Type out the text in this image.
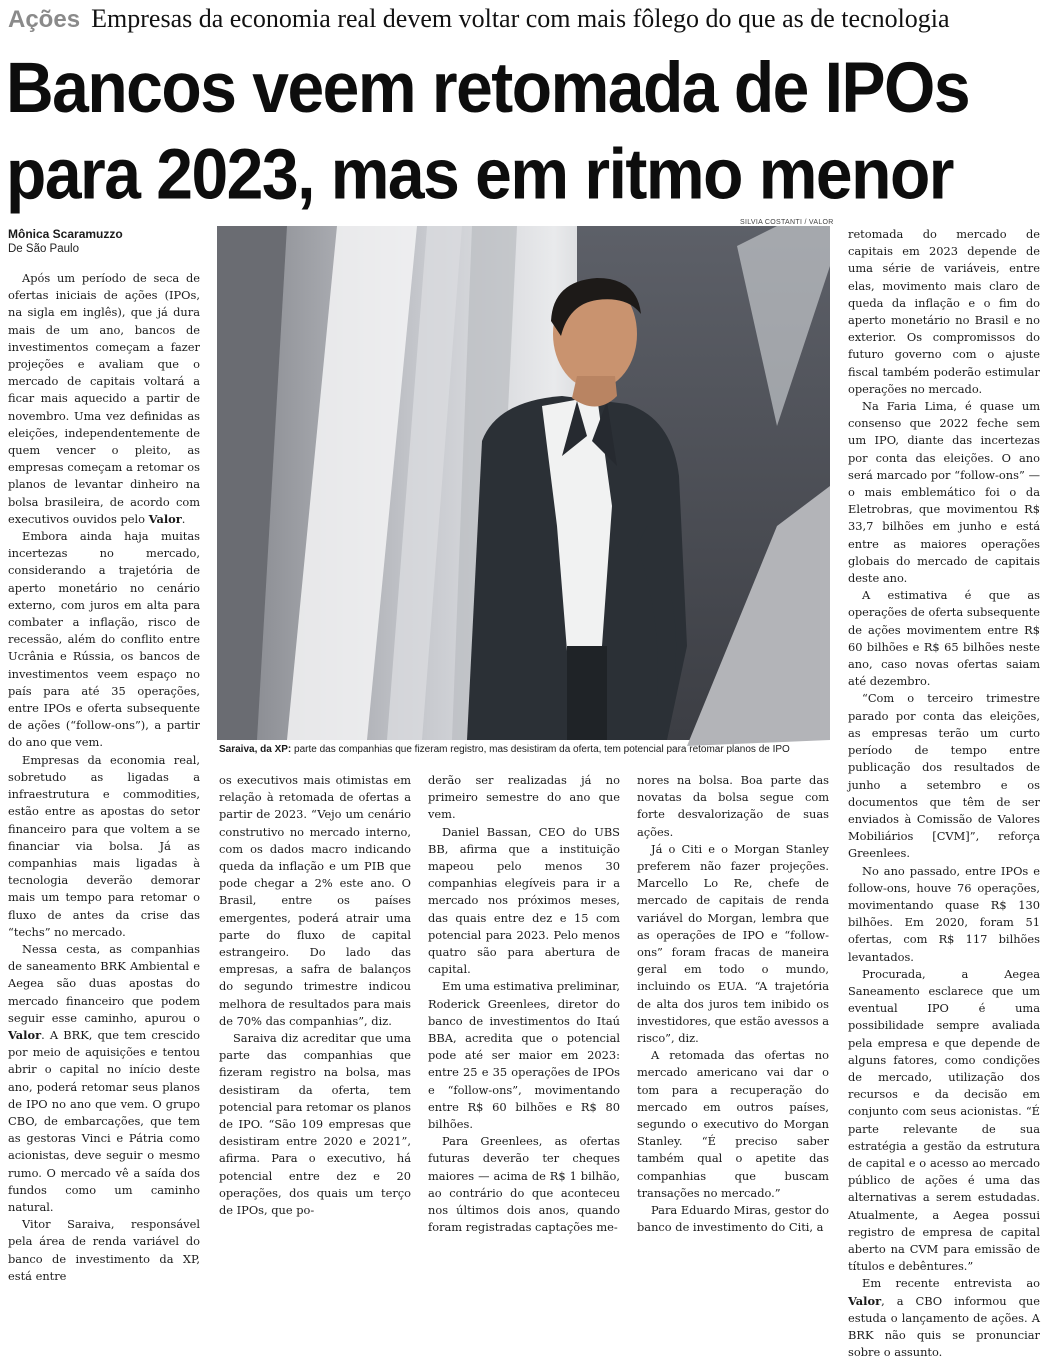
Ações Empresas da economia real devem voltar com mais fôlego do que as de tecnologia
Bancos veem retomada de IPOs
para 2023, mas em ritmo menor
Mônica Scaramuzzo
De São Paulo
SILVIA COSTANTI / VALOR

Após um período de seca de ofertas iniciais de ações (IPOs, na sigla em inglês), que já dura mais de um ano, bancos de investimentos começam a fazer projeções e avaliam que o mercado de capitais voltará a ficar mais aquecido a partir de novembro. Uma vez definidas as eleições, independentemente de quem vencer o pleito, as empresas começam a retomar os planos de levantar dinheiro na bolsa brasileira, de acordo com executivos ouvidos pelo Valor.

Embora ainda haja muitas incertezas no mercado, considerando a trajetória de aperto monetário no cenário externo, com juros em alta para combater a inflação, risco de recessão, além do conflito entre Ucrânia e Rússia, os bancos de investimentos veem espaço no país para até 35 operações, entre IPOs e oferta subsequente de ações (“follow-ons”), a partir do ano que vem.

Empresas da economia real, sobretudo as ligadas a infraestrutura e commodities, estão entre as apostas do setor financeiro para que voltem a se financiar via bolsa. Já as companhias mais ligadas à tecnologia deverão demorar mais um tempo para retomar o fluxo de antes da crise das “techs” no mercado.

Nessa cesta, as companhias de saneamento BRK Ambiental e Aegea são duas apostas do mercado financeiro que podem seguir esse caminho, apurou o Valor. A BRK, que tem crescido por meio de aquisições e tentou abrir o capital no início deste ano, poderá retomar seus planos de IPO no ano que vem. O grupo CBO, de embarcações, que tem as gestoras Vinci e Pátria como acionistas, deve seguir o mesmo rumo. O mercado vê a saída dos fundos como um caminho natural.

Vitor Saraiva, responsável pela área de renda variável do banco de investimento da XP, está entre

Saraiva, da XP: parte das companhias que fizeram registro, mas desistiram da oferta, tem potencial para retomar planos de IPO

os executivos mais otimistas em relação à retomada de ofertas a partir de 2023. “Vejo um cenário construtivo no mercado interno, com os dados macro indicando queda da inflação e um PIB que pode chegar a 2% este ano. O Brasil, entre os países emergentes, poderá atrair uma parte do fluxo de capital estrangeiro. Do lado das empresas, a safra de balanços do segundo trimestre indicou melhora de resultados para mais de 70% das companhias”, diz.

Saraiva diz acreditar que uma parte das companhias que fizeram registro na bolsa, mas desistiram da oferta, tem potencial para retomar os planos de IPO. “São 109 empresas que desistiram entre 2020 e 2021”, afirma. Para o executivo, há potencial entre dez e 20 operações, dos quais um terço de IPOs, que po-

derão ser realizadas já no primeiro semestre do ano que vem.

Daniel Bassan, CEO do UBS BB, afirma que a instituição mapeou pelo menos 30 companhias elegíveis para ir a mercado nos próximos meses, das quais entre dez e 15 com potencial para 2023. Pelo menos quatro são para abertura de capital.

Em uma estimativa preliminar, Roderick Greenlees, diretor do banco de investimentos do Itaú BBA, acredita que o potencial pode até ser maior em 2023: entre 25 e 35 operações de IPOs e “follow-ons”, movimentando entre R$ 60 bilhões e R$ 80 bilhões.

Para Greenlees, as ofertas futuras deverão ter cheques maiores — acima de R$ 1 bilhão, ao contrário do que aconteceu nos últimos dois anos, quando foram registradas captações me-

nores na bolsa. Boa parte das novatas da bolsa segue com forte desvalorização de suas ações.

Já o Citi e o Morgan Stanley preferem não fazer projeções. Marcello Lo Re, chefe de mercado de capitais de renda variável do Morgan, lembra que as operações de IPO e “follow-ons” foram fracas de maneira geral em todo o mundo, incluindo os EUA. “A trajetória de alta dos juros tem inibido os investidores, que estão avessos a risco”, diz.

A retomada das ofertas no mercado americano vai dar o tom para a recuperação do mercado em outros países, segundo o executivo do Morgan Stanley. “É preciso saber também qual o apetite das companhias que buscam transações no mercado.”

Para Eduardo Miras, gestor do banco de investimento do Citi, a

retomada do mercado de capitais em 2023 depende de uma série de variáveis, entre elas, movimento mais claro de queda da inflação e o fim do aperto monetário no Brasil e no exterior. Os compromissos do futuro governo com o ajuste fiscal também poderão estimular operações no mercado.

Na Faria Lima, é quase um consenso que 2022 feche sem um IPO, diante das incertezas por conta das eleições. O ano será marcado por “follow-ons” — o mais emblemático foi o da Eletrobras, que movimentou R$ 33,7 bilhões em junho e está entre as maiores operações globais do mercado de capitais deste ano.

A estimativa é que as operações de oferta subsequente de ações movimentem entre R$ 60 bilhões e R$ 65 bilhões neste ano, caso novas ofertas saiam até dezembro.

“Com o terceiro trimestre parado por conta das eleições, as empresas terão um curto período de tempo entre publicação dos resultados de junho a setembro e os documentos que têm de ser enviados à Comissão de Valores Mobiliários [CVM]”, reforça Greenlees.

No ano passado, entre IPOs e follow-ons, houve 76 operações, movimentando quase R$ 130 bilhões. Em 2020, foram 51 ofertas, com R$ 117 bilhões levantados.

Procurada, a Aegea Saneamento esclarece que um eventual IPO é uma possibilidade sempre avaliada pela empresa e que depende de alguns fatores, como condições de mercado, utilização dos recursos e da decisão em conjunto com seus acionistas. “É parte relevante de sua estratégia a gestão da estrutura de capital e o acesso ao mercado público de ações é uma das alternativas a serem estudadas. Atualmente, a Aegea possui registro de empresa de capital aberto na CVM para emissão de títulos e debêntures.”

Em recente entrevista ao Valor, a CBO informou que estuda o lançamento de ações. A BRK não quis se pronunciar sobre o assunto.
